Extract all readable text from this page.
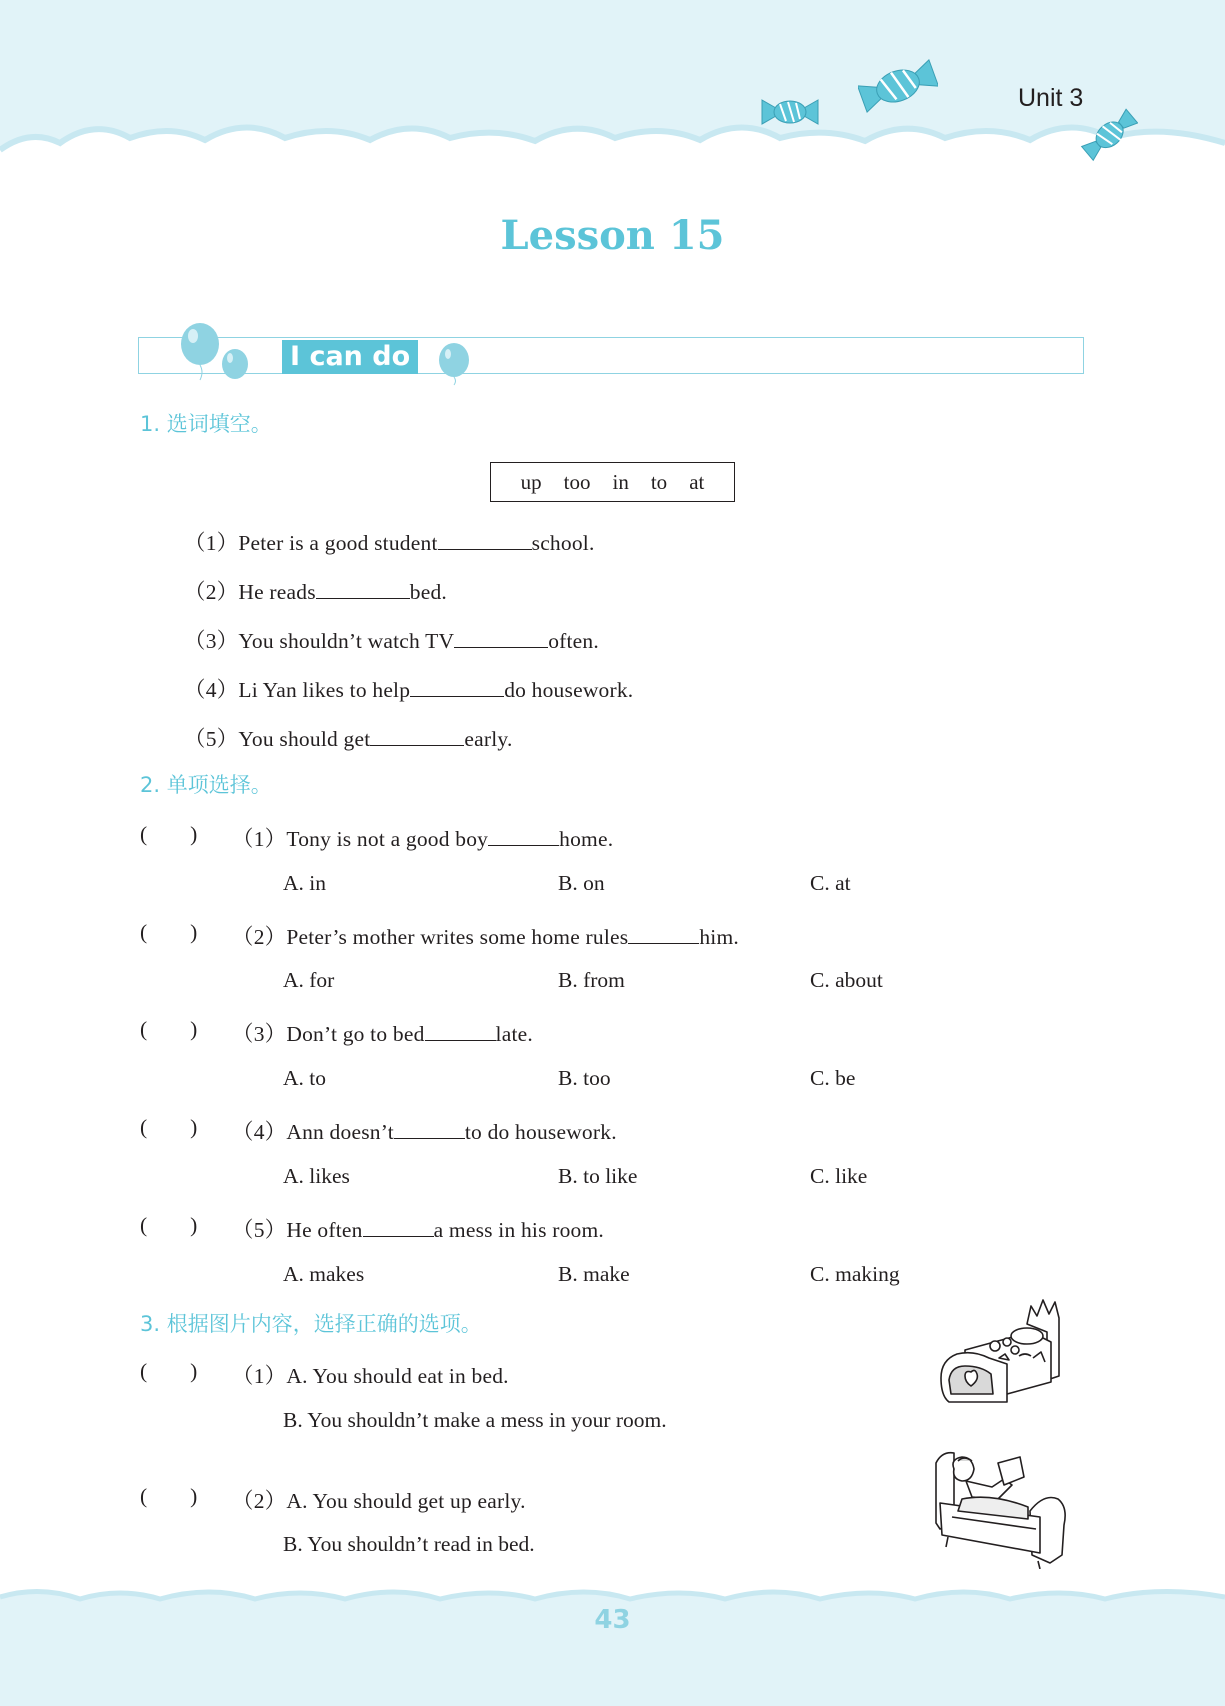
Unit 3
Lesson 15
I can do
1. 选词填空。
up too in to at
（1）Peter is a good student	school.
（2）He reads	bed.
（3）You shouldn’t watch TV	often.
（4）Li Yan likes to help	do housework.
（5）You should get	early.
2. 单项选择。
(        ) （1）Tony is not a good boy	home.
A. in	B. on	C. at
(        ) （2）Peter’s mother writes some home rules	him.
A. for	B. from	C. about
(        ) （3）Don’t go to bed	late.
A. to	B. too	C. be
(        ) （4）Ann doesn’t	to do housework.
A. likes	B. to like	C. like
(        ) （5）He often	a mess in his room.
A. makes	B. make	C. making
3. 根据图片内容，选择正确的选项。
(        ) （1）A. You should eat in bed.
B. You shouldn’t make a mess in your room.
(        ) （2）A. You should get up early.
B. You shouldn’t read in bed.
43
